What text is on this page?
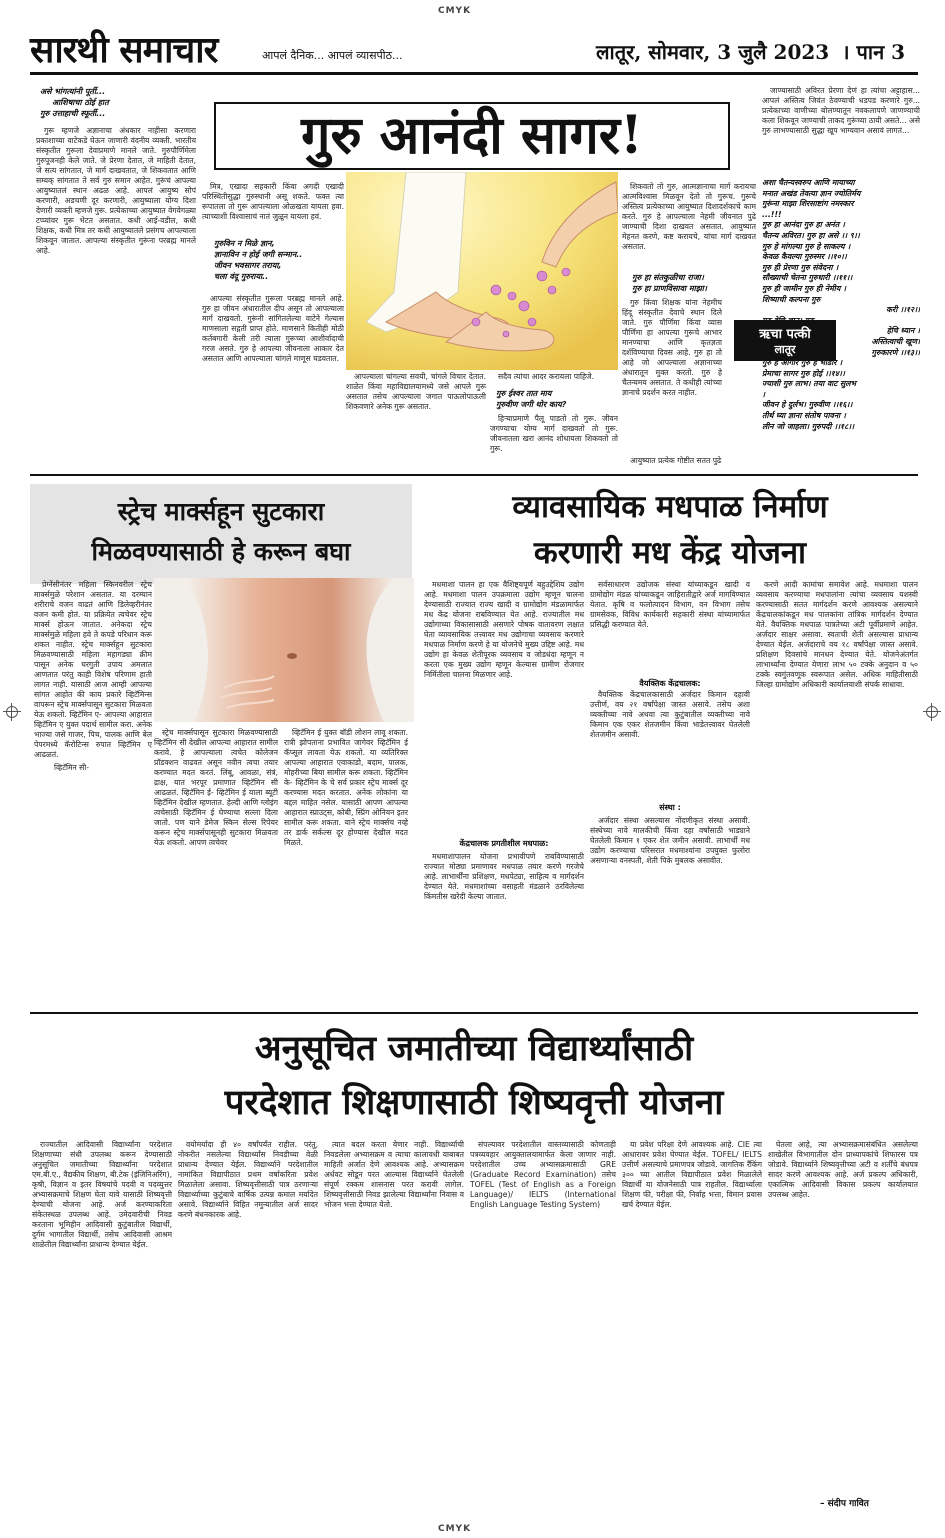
CMYK
CMYK
सारथी समाचार	आपलं दैनिक... आपलं व्यासपीठ...	लातूर, सोमवार, 3 जुलै 2023 । पान 3
असे भांगत्यांनी पूर्ती...
आशिषाचा ठोई हात
गुरु उत्ताहाची स्फूर्ती...	गुरु आनंदी सागर!

गुरू म्हणजे अज्ञानाचा अंधकार नाहीसा करणारा प्रकाशाच्या वाटेकडे घेऊन जाणारी वंदनीय व्यक्ती. भारतीय संस्कृतीत गुरूला देवाप्रमाणे मानले जाते. गुरुपौर्णिमेला गुरुपूजनही केले जाते. जे प्रेरणा देतात, जे माहिती देतात, जे सत्य सांगतात, जे मार्ग दाखवतात, जे शिकवतात आणि सम्यक् सांगतात ते सर्व गुरु समान आहेत. गुरूंचं आपल्या आयुष्यातलं स्थान अढळ आहे. आपलं आयुष्य सोपं करणारी, अडचणी दूर करणारी, आयुष्याला योग्य दिशा देणारी व्यक्ती म्हणजे गुरू. प्रत्येकाच्या आयुष्यात वेगवेगळ्या टप्प्यांवर गुरू भेटत असतात. कधी आई-वडील, कधी शिक्षक, कधी मित्र तर कधी आयुष्यातले प्रसंगच आपल्याला शिकवून जातात. आपल्या संस्कृतीत गुरूंना परब्रह्म मानले आहे.

मित्र, एखादा सहकारी किंवा अगदी एखादी परिस्थितीसुद्धा गुरुस्थानी असू शकते. फक्त त्या रूपातला तो गुरू आपल्याला ओळखता यायला हवा. त्याच्याशी विश्वासाचं नातं जुळून यायला हवं.

गुरुविन न मिळे ज्ञान,
ज्ञानाविन न होई जगी सन्मान..
जीवन भवसागर तराया,
चला वंदू गुरुराया..

आपल्या संस्कृतीत गुरूला परब्रह्म मानले आहे. गुरु हा जीवन अंधारातील दीप असून तो आपल्याला मार्ग दाखवतो. गुरूंनी सांगितलेल्या वाटेने गेल्यास माणसाला सद्गती प्राप्त होते. माणसाने कितीही मोठी कर्तबगारी केली तरी त्याला गुरूच्या आशीर्वादाची गरज असते. गुरु हे आपल्या जीवनाला आकार देत असतात आणि आपल्याला चांगले माणूस घडवतात.

आपल्याला चांगल्या सवयी, चांगले विचार देतात. शाळेत किंवा महाविद्यालयामध्ये जसे आपले गुरू असतात तसेच आपल्याला जगात पाऊलोपाऊली शिकवणारे अनेक गुरू असतात.

सदैव त्यांचा आदर करायला पाहिजे.

गुरु ईश्वर तात माय
गुरुवीण जगी थोर काय?

हिऱ्याप्रमाणे पैलू पाडतो तो गुरू. जीवन जगण्याचा योग्य मार्ग दाखवतो तो गुरू. जीवनातला खरा आनंद शोधायला शिकवतो तो गुरू.

शिकवतो तो गुरु, आत्मज्ञानाचा मार्ग करायचा आत्मविश्वास मिळवून देतो तो गुरूच. गुरूचे अस्तित्व प्रत्येकाच्या आयुष्यात दिशादर्शकाचे काम करते. गुरु हे आपल्याला नेहमी जीवनात पुढे जाण्याची दिशा दाखवत असतात. आयुष्यात मेहनत करणे, कष्ट करायचे, यांचा मार्ग दाखवत असतात.

गुरु हा संतकुळीचा राजा।
गुरु हा प्राणविसावा माझा।

गुरु किंवा शिक्षक यांना नेहमीच हिंदू संस्कृतीत देवाचे स्थान दिले जाते. गुरु पौर्णिमा किंवा व्यास पौर्णिमा हा आपल्या गुरूचे आभार मानण्याचा आणि कृतज्ञता दर्शविण्याचा दिवस आहे. गुरु हा तो आहे जो आपल्याला अज्ञानाच्या अंधारातून मुक्त करतो. गुरु हे चैतन्यमय असतात. ते कधीही त्यांच्या ज्ञानाचे प्रदर्शन करत नाहीत.

आयुष्यात प्रत्येक गोष्टीत सतत पुढे

ऋचा पत्की
लातूर

जाण्यासाठी अविरत प्रेरणा देणं हा त्यांचा अट्टाहास... आपलं अस्तित्व जिवंत ठेवण्याची धडपड करणारे गुरु... प्रत्येकाच्या वाणीच्या बोलण्यातून नवकलापणे जाणण्याची कला शिकवून जाण्याची ताकद गुरूंच्या ठायी असते... असे गुरु लाभण्यासाठी सुद्धा खूप भाग्यवान असावं लागतं...

अशा चैतन्यस्वरुप आणि मायाच्या
मनात अखंड तेवत्या ज्ञान ज्योतिर्मय
गुरूंना माझा शिरसाष्टांग नमस्कार
...!!!
गुरु हा आनंदा गुरु हा अनंत ।
चैतन्य अविरत। गुरु हा असे ।। ९।।
गुरु हे मांगल्या गुरु हे साकल्य ।
केवळ कैवल्या गुरुस्मर ।।१०।।
गुरु ही प्रेरणा गुरु संवेदना ।
सौख्याची चेतना गुरुधारी ।।११।।
गुरु ही जामीन गुरु ही नेमीय ।
शिष्याची कल्पना गुरु
करी ।।१२।।
गुरु हेचि ज्ञान। गुरु
हेचि ध्यान ।
अस्तित्वाची खूण।
गुरुकारणे ।।१३।।
गुरु हे आगार गुरु हे भांडार ।
प्रेमाचा सागर गुरु होई ।।१४।।
ज्याशी गुरु लाभ। तया वाट सुलभ
।
जीवन हे दुर्लभ। गुरुवीण ।।१६।।
तीर्थ घ्या ज्ञाना संतोष पावना ।
लीन जो जाहला। गुरुपदी ।।१८।।
स्ट्रेच मार्क्सहून सुटकारा
मिळवण्यासाठी हे करून बघा

प्रेग्नेंसीनंतर महिला स्किनवरील स्ट्रेच मार्क्समुळे परेशान असतात. या दरम्यान शरीराचे वजन वाढतं आणि डिलेव्हरीनंतर वजन कमी होतं. या प्रक्रियेत त्वचेवर स्ट्रेच मार्क्स होऊन जातात. अनेकदा स्ट्रेच मार्क्समुळे महिला हवे ते कपडे परिधान करू शकत नाहीत. स्ट्रेच मार्क्सहून सुटकारा मिळवण्यासाठी महिला महागड्या क्रीम पासून अनेक घरगुती उपाय अमलात आणतात परंतु काही विशेष परिणाम हाती लागत नाही. यासाठी आज आम्ही आपल्या सांगत आहोत की काय प्रकारे व्हिटॅमिन्स वापरून स्ट्रेच मार्क्सपासून सुटकारा मिळवता येऊ शकतो. व्हिटॅमिन ए- आपल्या आहारात व्हिटॅमिन ए युक्त पदार्थ सामील करा. अनेक भाज्या जसे गाजर, पिच, पालक आणि बेल पेपरमध्ये कॅरोटिन्स रुपात व्हिटॅमिन ए आढळतं.

व्हिटॅमिन सी-

स्ट्रेच मार्क्सपासून सुटकारा मिळवण्यासाठी व्हिटॅमिन सी देखील आपल्या आहारात सामील करावे. हे आपल्याला त्वचेत कोलेजन प्रॉडक्शन वाढवत असून नवीन त्वचा तयार करण्यात मदत करतं. लिंबू, आवळा, संत्रं, द्राक्ष, यात भरपूर प्रमाणात व्हिटॅमिन सी आढळतं. व्हिटॅमिन ई- व्हिटॅमिन ई याला ब्यूटी व्हिटॅमिन देखील म्हणतात. हेल्दी आणि ग्लोइंग त्वचेसाठी व्हिटॅमिन ई घेण्याचा सल्ला दिला जातो. पण याने डेमेज स्किन सेल्स रिपेयर करून स्ट्रेच मार्क्सपासूनही सुटकारा मिळवता येऊ शकतो. आपण त्वचेवर

व्हिटॅमिन ई युक्त बॉडी लोशन लावू शकता. रात्री झोपताना प्रभावित जागेवर व्हिटॅमिन ई कॅप्सूल लावता येऊ शकतो. या व्यतिरिक्त आपल्या आहारात एवाकाडो, बदाम, पालक, मोहरीच्या बिया सामील करू शकता. व्हिटॅमिन के- व्हिटॅमिन के चे सर्व प्रकार स्ट्रेच मार्क्स दूर करण्यास मदत करतात. अनेक लोकांना या बद्दल माहित नसेल. यासाठी आपण आपल्या आहारात स्प्राउट्स, कोबी, स्प्रिंग ओनियन इतर सामील करू शकता. याने स्ट्रेच मार्क्सच नव्हे तर डार्क सर्कल्स दूर होण्यास देखील मदत मिळते.

व्यावसायिक मधपाळ निर्माण
करणारी मध केंद्र योजना

मधमाशा पालन हा एक वैशिष्ट्यपूर्ण बहुउद्देशिय उद्योग आहे. मधमाशा पालन उपक्रमाला उद्योग म्हणून चालना देण्यासाठी राज्यात राज्य खादी व ग्रामोद्योग मंडळामार्फत मध केंद्र योजना राबविण्यात येत आहे. राज्यातील मध उद्योगाच्या विकासासाठी असणारे पोषक वातावरण लक्षात घेता व्यावसायिक तत्त्वावर मध उद्योगाचा व्यवसाय करणारे मधपाळ निर्माण करणे हे या योजनेचे मुख्य उद्दिष्ट आहे. मध उद्योग हा केवळ शेतीपूरक व्यवसाय व जोडधंदा म्हणून न करता एक मुख्य उद्योग म्हणून केल्यास ग्रामीण रोजगार निर्मितीला चालना मिळणार आहे.

केंद्रचालक प्रगतीशील मधपाळ:

मधमाशापालन योजना प्रभावीपणे राबविण्यासाठी राज्यात मोठ्या प्रमाणावर मधपाळ तयार करणे गरजेचे आहे. लाभार्थींना प्रशिक्षण, मधपेट्या, साहित्य व मार्गदर्शन देण्यात येते. मधमाशांच्या वसाहती मंडळाने ठरविलेल्या किंमतीस खरेदी केल्या जातात.

सर्वसाधारण उद्योजक संस्था यांच्याकडून खादी व ग्रामोद्योग मंडळ यांच्याकडून जाहिरातीद्वारे अर्ज मागविण्यात येतात. कृषि व फलोत्पादन विभाग, वन विभाग तसेच ग्रामसेवक, विविध कार्यकारी सहकारी संस्था यांच्यामार्फत प्रसिद्धी करण्यात येते.

वैयक्तिक केंद्रचालक:

वैयक्तिक केंद्रचालकासाठी अर्जदार किमान दहावी उत्तीर्ण, वय २१ वर्षांपेक्षा जास्त असावे. तसेच अशा व्यक्तीच्या नावे अथवा त्या कुटुंबातील व्यक्तीच्या नावे किमान एक एकर शेतजमीन किंवा भाडेतत्त्वावर घेतलेली शेतजमीन असावी.

संस्था :

अर्जदार संस्था असल्यास नोंदणीकृत संस्था असावी. संस्थेच्या नावे मालकीची किंवा दहा वर्षांसाठी भाड्याने घेतलेली किमान १ एकर शेत जमीन असावी. लाभार्थी मध उद्योग करण्याचा परिसरात मधमाश्यांना उपयुक्त फुलोरा असणाऱ्या वनस्पती, शेती पिके मुबलक असावीत.

करणे आदी कामांचा समावेश आहे. मधमाशा पालन व्यवसाय करण्याचा मधपालांना त्यांचा व्यवसाय यशस्वी करण्यासाठी सतत मार्गदर्शन करणे आवश्यक असल्याने केंद्रचालकांकडून मध पालकांना तांत्रिक मार्गदर्शन देण्यात येते. वैयक्तिक मधपाळ पात्रतेच्या अटी पूर्वीप्रमाणे आहेत. अर्जदार साक्षर असावा. स्वतःची शेती असल्यास प्राधान्य देण्यात येईल. अर्जदाराचे वय १८ वर्षांपेक्षा जास्त असावे. प्रशिक्षण दिवसांचे मानधन देण्यात येते. योजनेअंतर्गत लाभार्थ्यांना देण्यात येणारा लाभ ५० टक्के अनुदान व ५० टक्के स्वगुंतवणूक स्वरूपात असेल. अधिक माहितीसाठी जिल्हा ग्रामोद्योग अधिकारी कार्यालयाशी संपर्क साधावा.

अनुसूचित जमातीच्या विद्यार्थ्यांसाठी
परदेशात शिक्षणासाठी शिष्यवृत्ती योजना

राज्यातील आदिवासी विद्यार्थ्यांना परदेशात शिक्षणाच्या संधी उपलब्ध करून देण्यासाठी अनुसूचित जमातीच्या विद्यार्थ्यांना परदेशात एम.बी.ए., वैद्यकीय शिक्षण, बी.टेक (इंजिनिअरिंग), कृषी, विज्ञान व इतर विषयांचे पदवी व पदव्युत्तर अभ्यासक्रमाचे शिक्षण घेता यावे यासाठी शिष्यवृत्ती देण्याची योजना आहे. अर्ज करण्याकरिता संकेतस्थळ उपलब्ध आहे. उमेदवारीची निवड करताना भूमिहीन आदिवासी कुटुंबातील विद्यार्थी, दुर्गम भागातील विद्यार्थी, तसेच आदिवासी आश्रम शाळेतील विद्यार्थ्यांना प्राधान्य देण्यात येईल.

वयोमर्यादा ही ४० वर्षांपर्यंत राहील. परंतु, नोकरीत नसलेल्या विद्यार्थ्यांस निवडीच्या वेळी प्राधान्य देण्यात येईल. विद्यार्थ्याने परदेशातील नामांकित विद्यापीठात प्रथम वर्षाकरिता प्रवेश मिळालेला असावा. शिष्यवृत्तीसाठी पात्र ठरणाऱ्या विद्यार्थ्याच्या कुटुंबाचे वार्षिक उत्पन्न कमाल मर्यादेत असावे. विद्यार्थ्याने विहित नमुन्यातील अर्ज सादर करणे बंधनकारक आहे.

त्यात बदल करता येणार नाही. विद्यार्थ्याची निवडलेला अभ्यासक्रम व त्याचा कालावधी याबाबत माहिती अर्जात देणे आवश्यक आहे. अभ्यासक्रम अर्धवट सोडून परत आल्यास विद्यार्थ्याने घेतलेली संपूर्ण रक्कम शासनास परत करावी लागेल. शिष्यवृत्तीसाठी निवड झालेल्या विद्यार्थ्यांना निवास व भोजन भत्ता देण्यात येतो.

संपल्यावर परदेशातील वास्तव्यासाठी कोणताही पत्रव्यवहार आयुक्तालयामार्फत केला जाणार नाही. परदेशातील उच्च अभ्यासक्रमासाठी GRE (Graduate Record Examination) तसेच TOFEL (Test of English as a Foreign Language)/ IELTS (International English Language Testing System)

या प्रवेश परिक्षा देणे आवश्यक आहे. CIE त्या आधारावर प्रवेश घेण्यात येईल. TOFEL/ IELTS उत्तीर्ण असल्याचे प्रमाणपत्र जोडावे. जागतिक रँकिंग ३०० च्या आतील विद्यापीठात प्रवेश मिळालेले विद्यार्थी या योजनेसाठी पात्र राहतील. विद्यार्थ्याला शिक्षण फी, परीक्षा फी, निर्वाह भत्ता, विमान प्रवास खर्च देण्यात येईल.

घेतला आहे, त्या अभ्यासक्रमासंबंधित असलेल्या शाखेतील विभागातील दोन प्राध्यापकांचे शिफारस पत्र जोडावे. विद्यार्थ्याने शिष्यवृत्तीच्या अटी व शर्तींचे बंधपत्र सादर करणे आवश्यक आहे. अर्ज प्रकल्प अधिकारी, एकात्मिक आदिवासी विकास प्रकल्प कार्यालयात उपलब्ध आहेत.

– संदीप गावित
